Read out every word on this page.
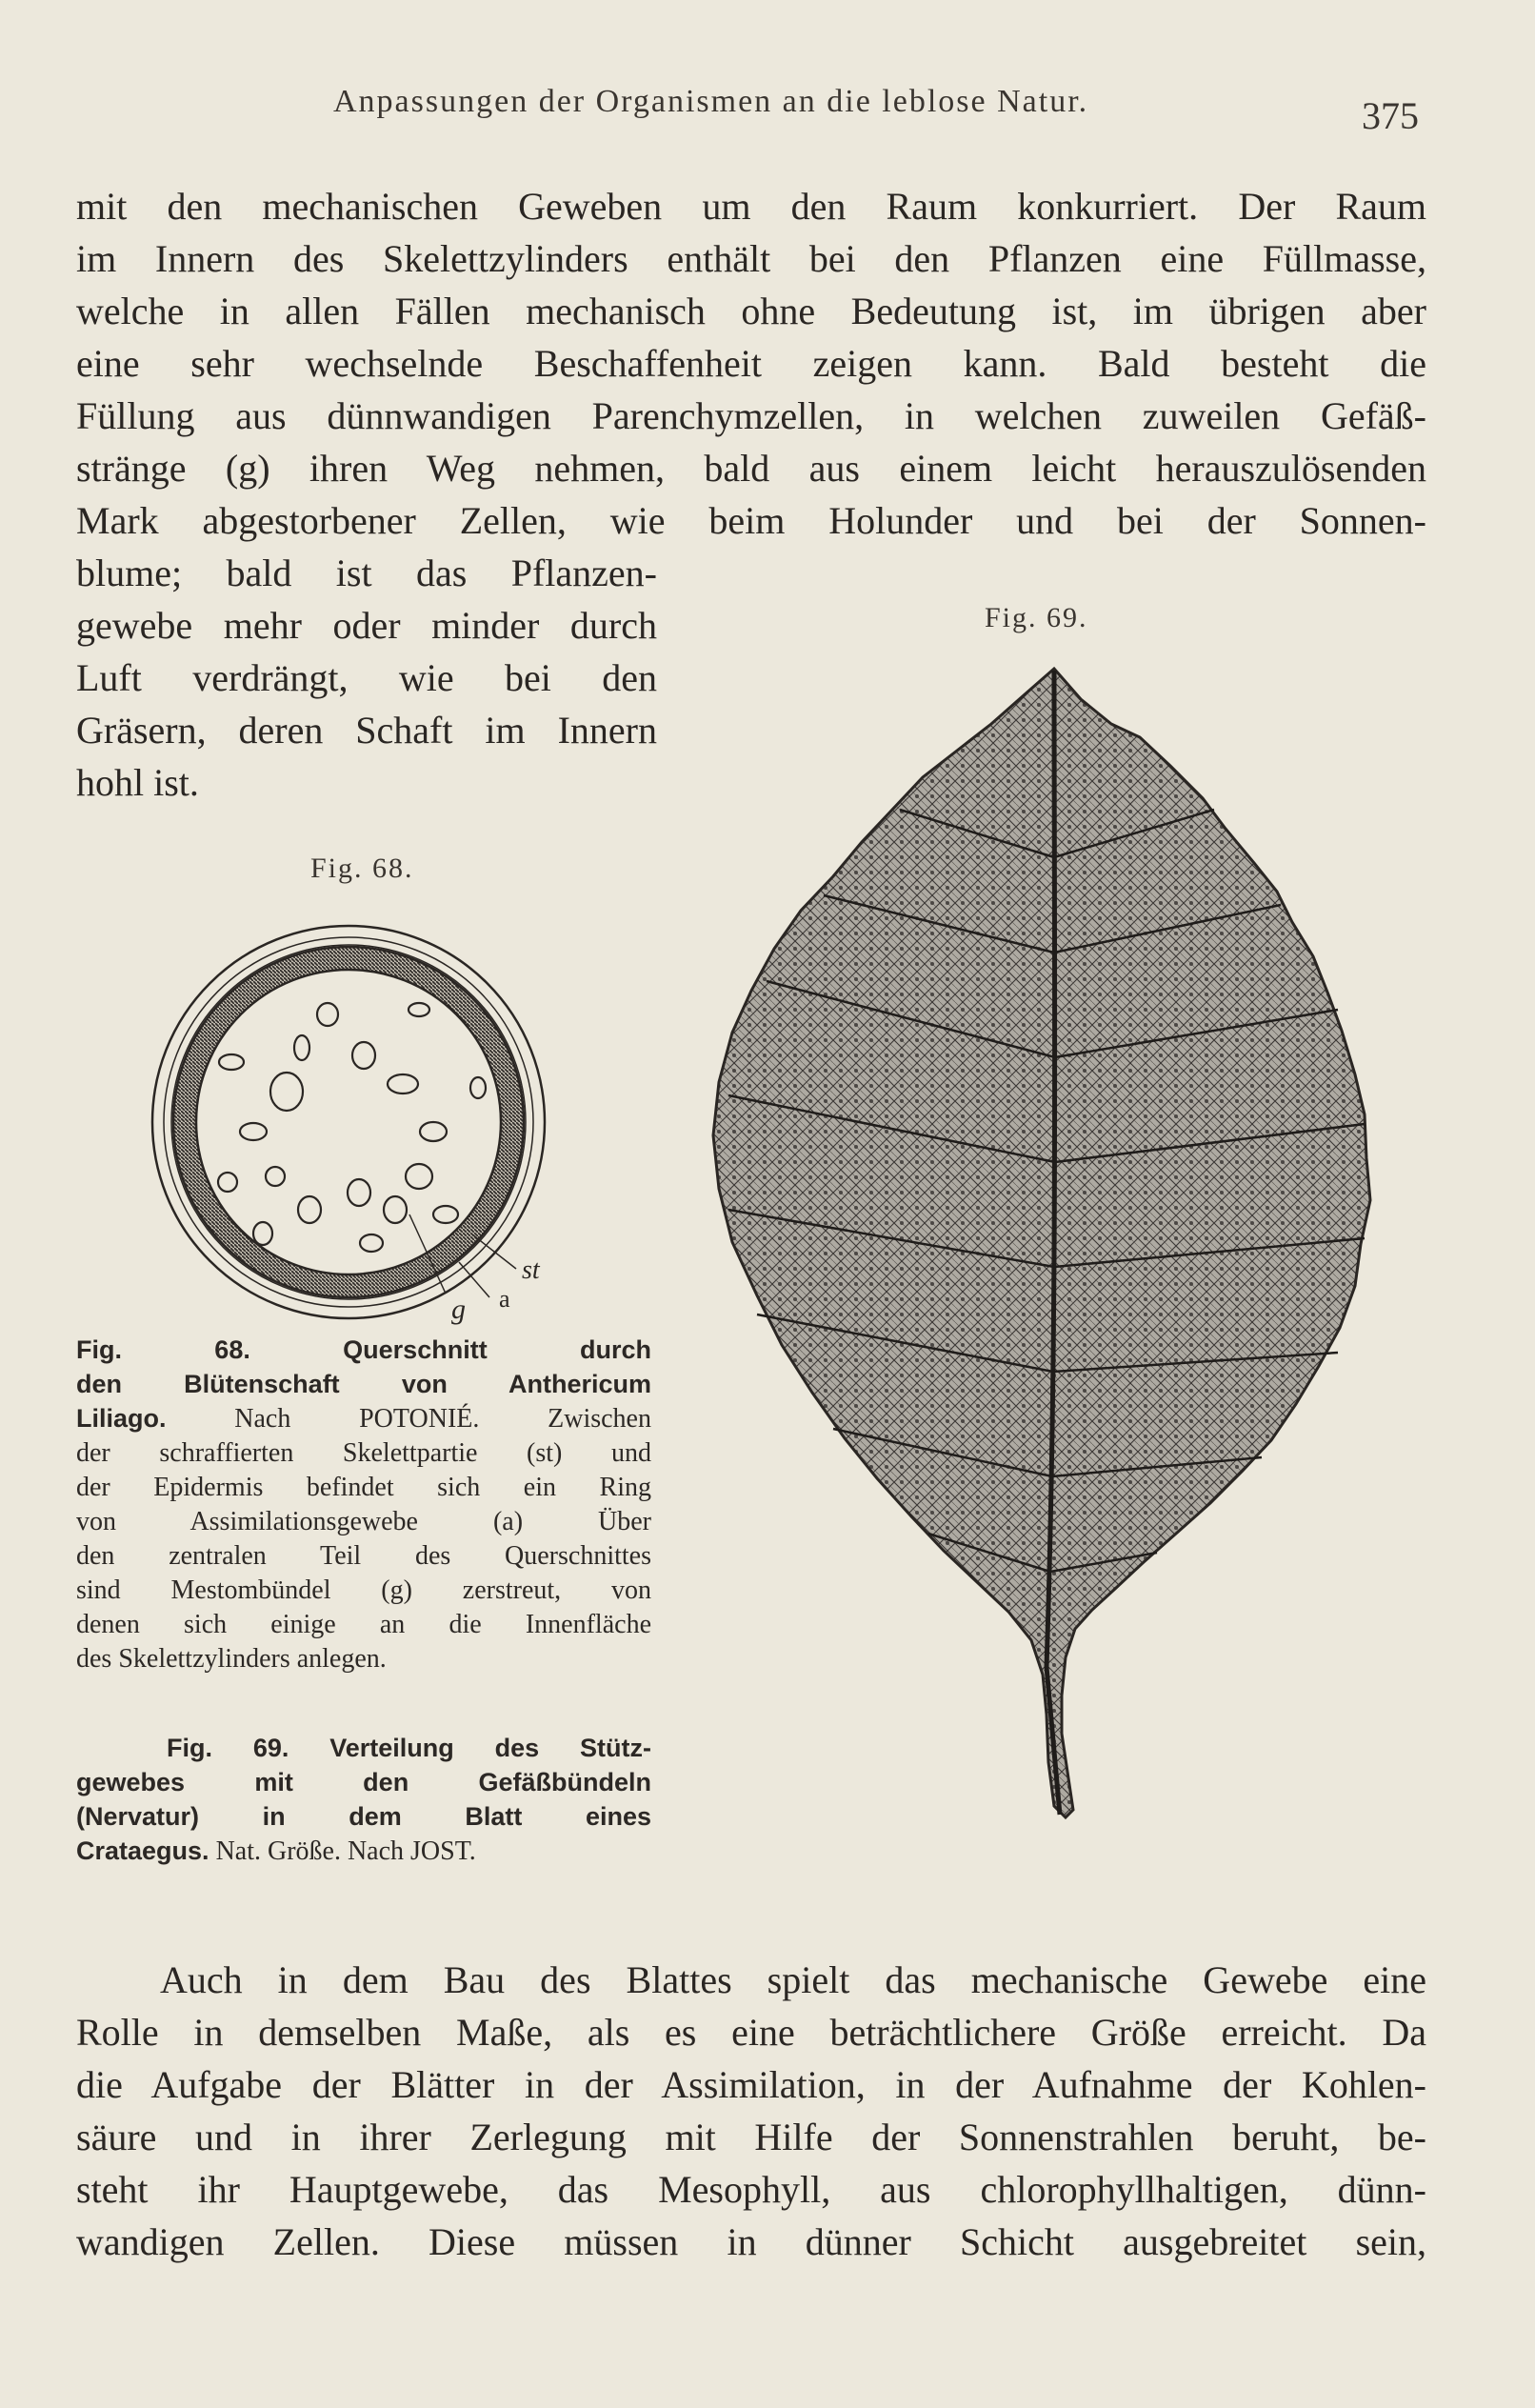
Anpassungen der Organismen an die leblose Natur.	375
mit den mechanischen Geweben um den Raum konkurriert. Der Raum
im Innern des Skelettzylinders enthält bei den Pflanzen eine Füllmasse,
welche in allen Fällen mechanisch ohne Bedeutung ist, im übrigen aber
eine sehr wechselnde Beschaffenheit zeigen kann. Bald besteht die
Füllung aus dünnwandigen Parenchymzellen, in welchen zuweilen Gefäß-
stränge (g) ihren Weg nehmen, bald aus einem leicht herauszulösenden
Mark abgestorbener Zellen, wie beim Holunder und bei der Sonnen-
blume; bald ist das Pflanzen-
gewebe mehr oder minder durch
Luft verdrängt, wie bei den
Gräsern, deren Schaft im Innern
hohl ist.
Fig. 68.
Fig. 69.
st
a
g
Fig. 68. Querschnitt durch
den Blütenschaft von Anthericum
Liliago. Nach POTONIÉ. Zwischen
der schraffierten Skelettpartie (st) und
der Epidermis befindet sich ein Ring
von Assimilationsgewebe (a) Über
den zentralen Teil des Querschnittes
sind Mestombündel (g) zerstreut, von
denen sich einige an die Innenfläche
des Skelettzylinders anlegen.
Fig. 69. Verteilung des Stütz-
gewebes mit den Gefäßbündeln
(Nervatur) in dem Blatt eines
Crataegus. Nat. Größe. Nach JOST.
Auch in dem Bau des Blattes spielt das mechanische Gewebe eine
Rolle in demselben Maße, als es eine beträchtlichere Größe erreicht. Da
die Aufgabe der Blätter in der Assimilation, in der Aufnahme der Kohlen-
säure und in ihrer Zerlegung mit Hilfe der Sonnenstrahlen beruht, be-
steht ihr Hauptgewebe, das Mesophyll, aus chlorophyllhaltigen, dünn-
wandigen Zellen. Diese müssen in dünner Schicht ausgebreitet sein,
